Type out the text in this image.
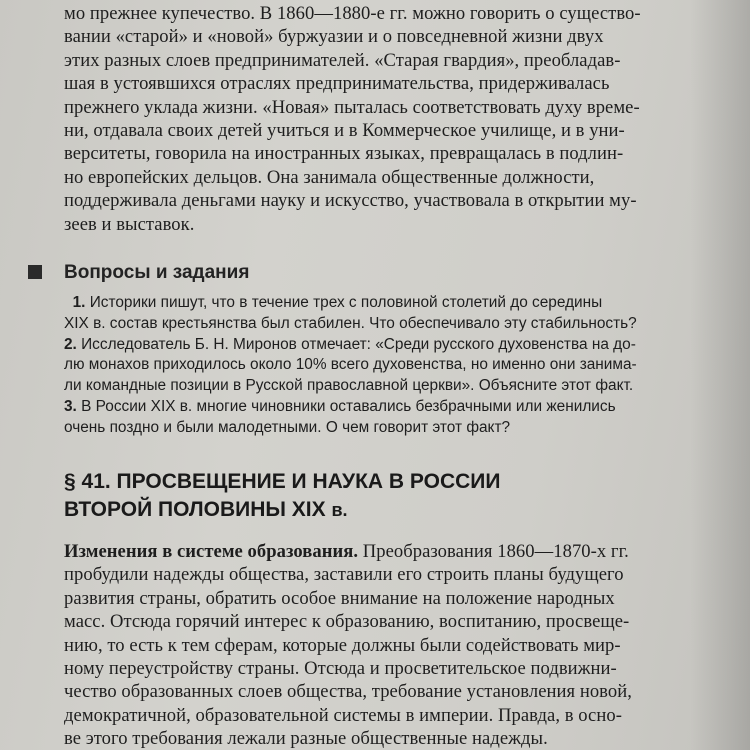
мо прежнее купечество. В 1860—1880-е гг. можно говорить о существо-
вании «старой» и «новой» буржуазии и о повседневной жизни двух
этих разных слоев предпринимателей. «Старая гвардия», преобладав-
шая в устоявшихся отраслях предпринимательства, придерживалась
прежнего уклада жизни. «Новая» пыталась соответствовать духу време-
ни, отдавала своих детей учиться и в Коммерческое училище, и в уни-
верситеты, говорила на иностранных языках, превращалась в подлин-
но европейских дельцов. Она занимала общественные должности,
поддерживала деньгами науку и искусство, участвовала в открытии му-
зеев и выставок.

Вопросы и задания

1. Историки пишут, что в течение трех с половиной столетий до середины
XIX в. состав крестьянства был стабилен. Что обеспечивало эту стабильность?
2. Исследователь Б. Н. Миронов отмечает: «Среди русского духовенства на до-
лю монахов приходилось около 10% всего духовенства, но именно они занима-
ли командные позиции в Русской православной церкви». Объясните этот факт.
3. В России XIX в. многие чиновники оставались безбрачными или женились
очень поздно и были малодетными. О чем говорит этот факт?

§ 41. ПРОСВЕЩЕНИЕ И НАУКА В РОССИИ
ВТОРОЙ ПОЛОВИНЫ XIX в.

Изменения в системе образования. Преобразования 1860—1870-х гг.
пробудили надежды общества, заставили его строить планы будущего
развития страны, обратить особое внимание на положение народных
масс. Отсюда горячий интерес к образованию, воспитанию, просвеще-
нию, то есть к тем сферам, которые должны были содействовать мир-
ному переустройству страны. Отсюда и просветительское подвижни-
чество образованных слоев общества, требование установления новой,
демократичной, образовательной системы в империи. Правда, в осно-
ве этого требования лежали разные общественные надежды.
